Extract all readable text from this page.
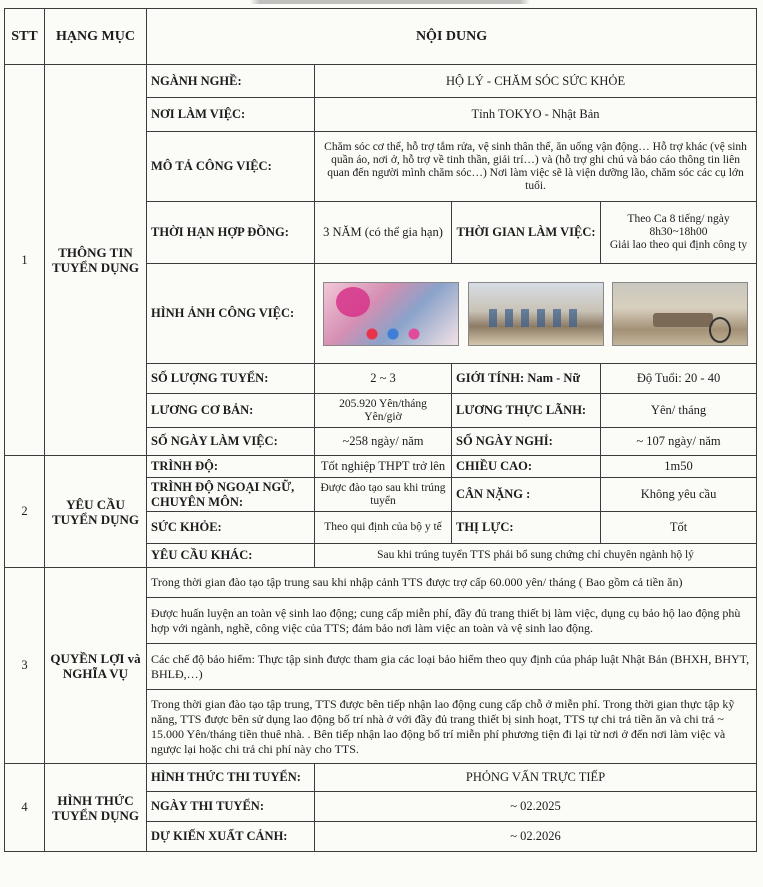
STT	HẠNG MỤC	NỘI DUNG			
1	THÔNG TIN TUYỂN DỤNG	NGÀNH NGHỀ:	HỘ LÝ - CHĂM SÓC SỨC KHỎE		
		NƠI LÀM VIỆC:	Tỉnh TOKYO - Nhật Bản		
		MÔ TẢ CÔNG VIỆC:	Chăm sóc cơ thể, hỗ trợ tắm rửa, vệ sinh thân thể, ăn uống vận động… Hỗ trợ khác (vệ sinh quần áo, nơi ở, hỗ trợ về tinh thần, giải trí…) và (hỗ trợ ghi chú và báo cáo thông tin liên quan đến người mình chăm sóc…) Nơi làm việc sẽ là viện dưỡng lão, chăm sóc các cụ lớn tuổi.		
		THỜI HẠN HỢP ĐỒNG:	3 NĂM (có thể gia hạn)	THỜI GIAN LÀM VIỆC:	Theo Ca 8 tiếng/ ngày
8h30~18h00
Giải lao theo qui định công ty

		HÌNH ẢNH CÔNG VIỆC:			

		SỐ LƯỢNG TUYỂN:	2 ~ 3	GIỚI TÍNH: Nam - Nữ	Độ Tuổi: 20 - 40
		LƯƠNG CƠ BẢN:	205.920 Yên/tháng
Yên/giờ	LƯƠNG THỰC LÃNH:	Yên/ tháng
		SỐ NGÀY LÀM VIỆC:	~258 ngày/ năm	SỐ NGÀY NGHỈ:	~ 107 ngày/ năm
2	YÊU CẦU TUYỂN DỤNG	TRÌNH ĐỘ:	Tốt nghiệp THPT trở lên	CHIỀU CAO:	1m50
		TRÌNH ĐỘ NGOẠI NGỮ, CHUYÊN MÔN:	Được đào tạo sau khi trúng tuyển	CÂN NẶNG :	Không yêu cầu
		SỨC KHỎE:	Theo qui định của bộ y tế	THỊ LỰC:	Tốt
		YÊU CẦU KHÁC:	Sau khi trúng tuyển TTS phải bổ sung chứng chỉ chuyên ngành hộ lý		
3	QUYỀN LỢI và NGHĨA VỤ	Trong thời gian đào tạo tập trung sau khi nhập cảnh TTS được trợ cấp 60.000 yên/ tháng ( Bao gồm cả tiền ăn)			
		Được huấn luyện an toàn vệ sinh lao động; cung cấp miễn phí, đầy đủ trang thiết bị làm việc, dụng cụ bảo hộ lao động phù hợp với ngành, nghề, công việc của TTS; đảm bảo nơi làm việc an toàn và vệ sinh lao động.			
		Các chế độ bảo hiểm: Thực tập sinh được tham gia các loại bảo hiểm theo quy định của pháp luật Nhật Bản (BHXH, BHYT, BHLĐ,…)			
		Trong thời gian đào tạo tập trung, TTS được bên tiếp nhận lao động cung cấp chỗ ở miễn phí. Trong thời gian thực tập kỹ năng, TTS được bên sử dụng lao động bố trí nhà ở với đầy đủ trang thiết bị sinh hoạt, TTS tự chi trả tiền ăn và chi trả ~ 15.000 Yên/tháng tiền thuê nhà. . Bên tiếp nhận lao động bố trí miễn phí phương tiện đi lại từ nơi ở đến nơi làm việc và ngược lại hoặc chi trả chi phí này cho TTS.			
4	HÌNH THỨC TUYỂN DỤNG	HÌNH THỨC THI TUYỂN:	PHỎNG VẤN TRỰC TIẾP		
		NGÀY THI TUYỂN:	~ 02.2025		
		DỰ KIẾN XUẤT CẢNH:	~ 02.2026		
